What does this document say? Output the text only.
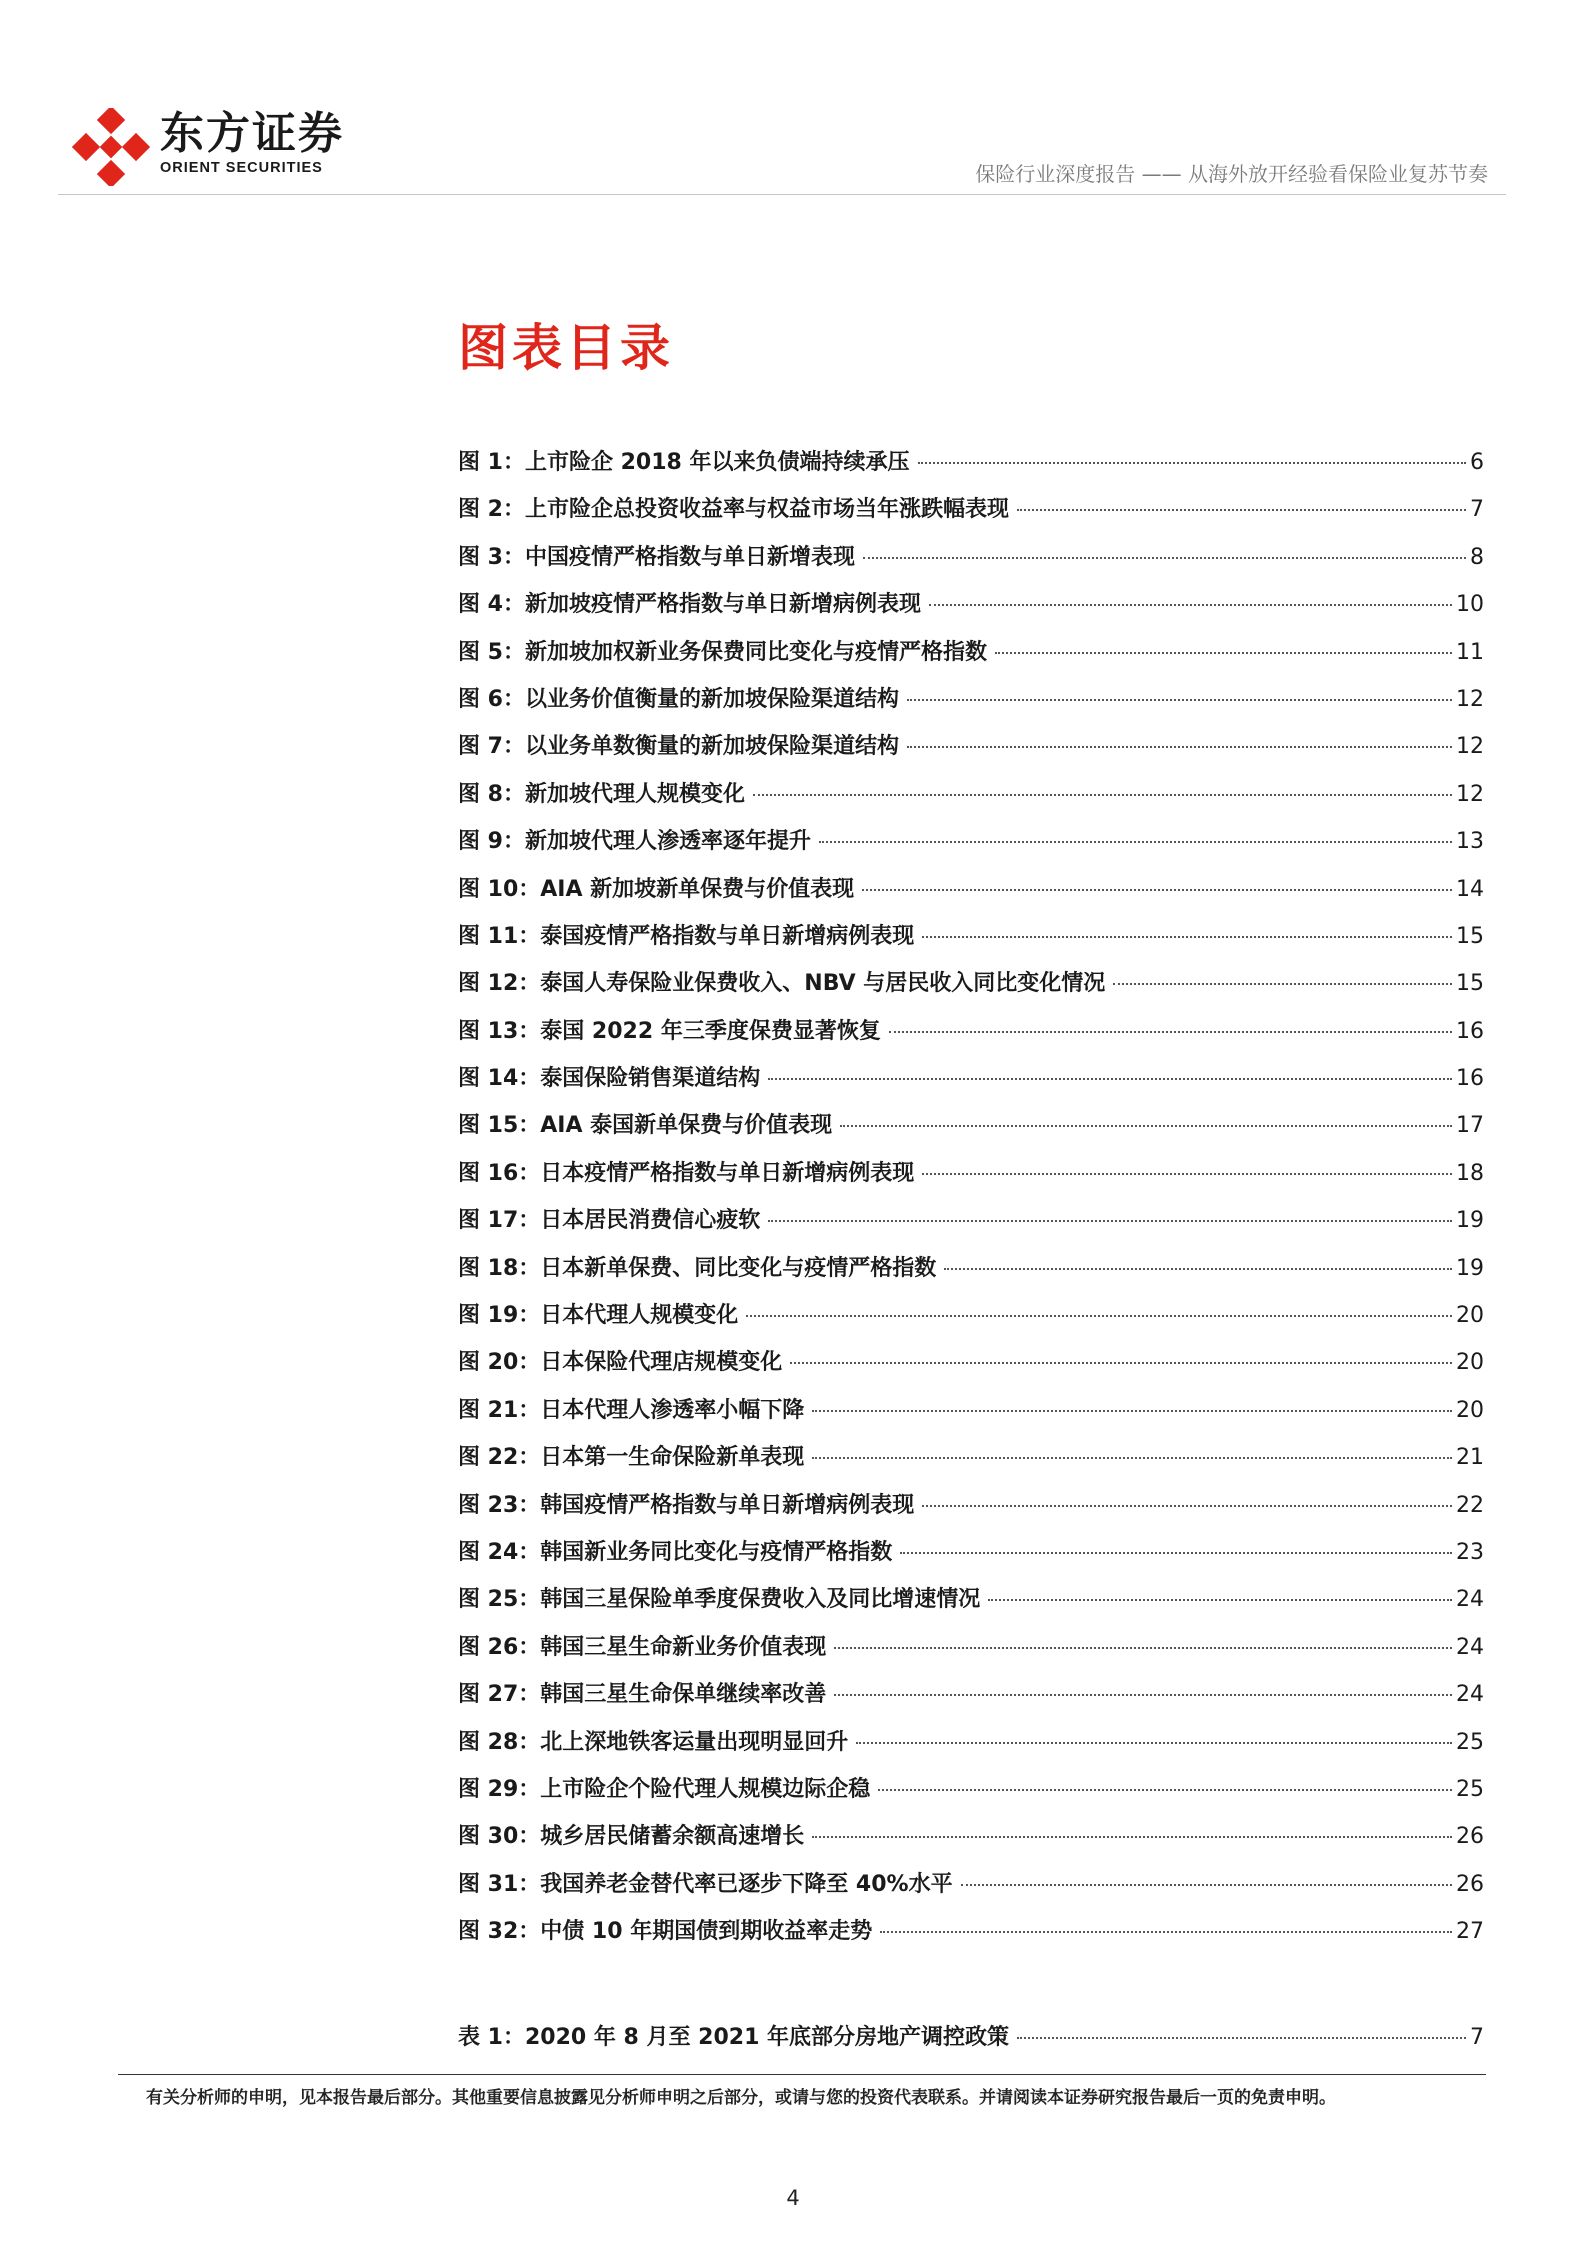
东方证券
ORIENT SECURITIES	保险行业深度报告 —— 从海外放开经验看保险业复苏节奏
图表目录
图 1：上市险企 2018 年以来负债端持续承压	6
图 2：上市险企总投资收益率与权益市场当年涨跌幅表现	7
图 3：中国疫情严格指数与单日新增表现	8
图 4：新加坡疫情严格指数与单日新增病例表现	10
图 5：新加坡加权新业务保费同比变化与疫情严格指数	11
图 6：以业务价值衡量的新加坡保险渠道结构	12
图 7：以业务单数衡量的新加坡保险渠道结构	12
图 8：新加坡代理人规模变化	12
图 9：新加坡代理人渗透率逐年提升	13
图 10：AIA 新加坡新单保费与价值表现	14
图 11：泰国疫情严格指数与单日新增病例表现	15
图 12：泰国人寿保险业保费收入、NBV 与居民收入同比变化情况	15
图 13：泰国 2022 年三季度保费显著恢复	16
图 14：泰国保险销售渠道结构	16
图 15：AIA 泰国新单保费与价值表现	17
图 16：日本疫情严格指数与单日新增病例表现	18
图 17：日本居民消费信心疲软	19
图 18：日本新单保费、同比变化与疫情严格指数	19
图 19：日本代理人规模变化	20
图 20：日本保险代理店规模变化	20
图 21：日本代理人渗透率小幅下降	20
图 22：日本第一生命保险新单表现	21
图 23：韩国疫情严格指数与单日新增病例表现	22
图 24：韩国新业务同比变化与疫情严格指数	23
图 25：韩国三星保险单季度保费收入及同比增速情况	24
图 26：韩国三星生命新业务价值表现	24
图 27：韩国三星生命保单继续率改善	24
图 28：北上深地铁客运量出现明显回升	25
图 29：上市险企个险代理人规模边际企稳	25
图 30：城乡居民储蓄余额高速增长	26
图 31：我国养老金替代率已逐步下降至 40%水平	26
图 32：中债 10 年期国债到期收益率走势	27
表 1：2020 年 8 月至 2021 年底部分房地产调控政策	7
有关分析师的申明，见本报告最后部分。其他重要信息披露见分析师申明之后部分，或请与您的投资代表联系。并请阅读本证券研究报告最后一页的免责申明。
4
